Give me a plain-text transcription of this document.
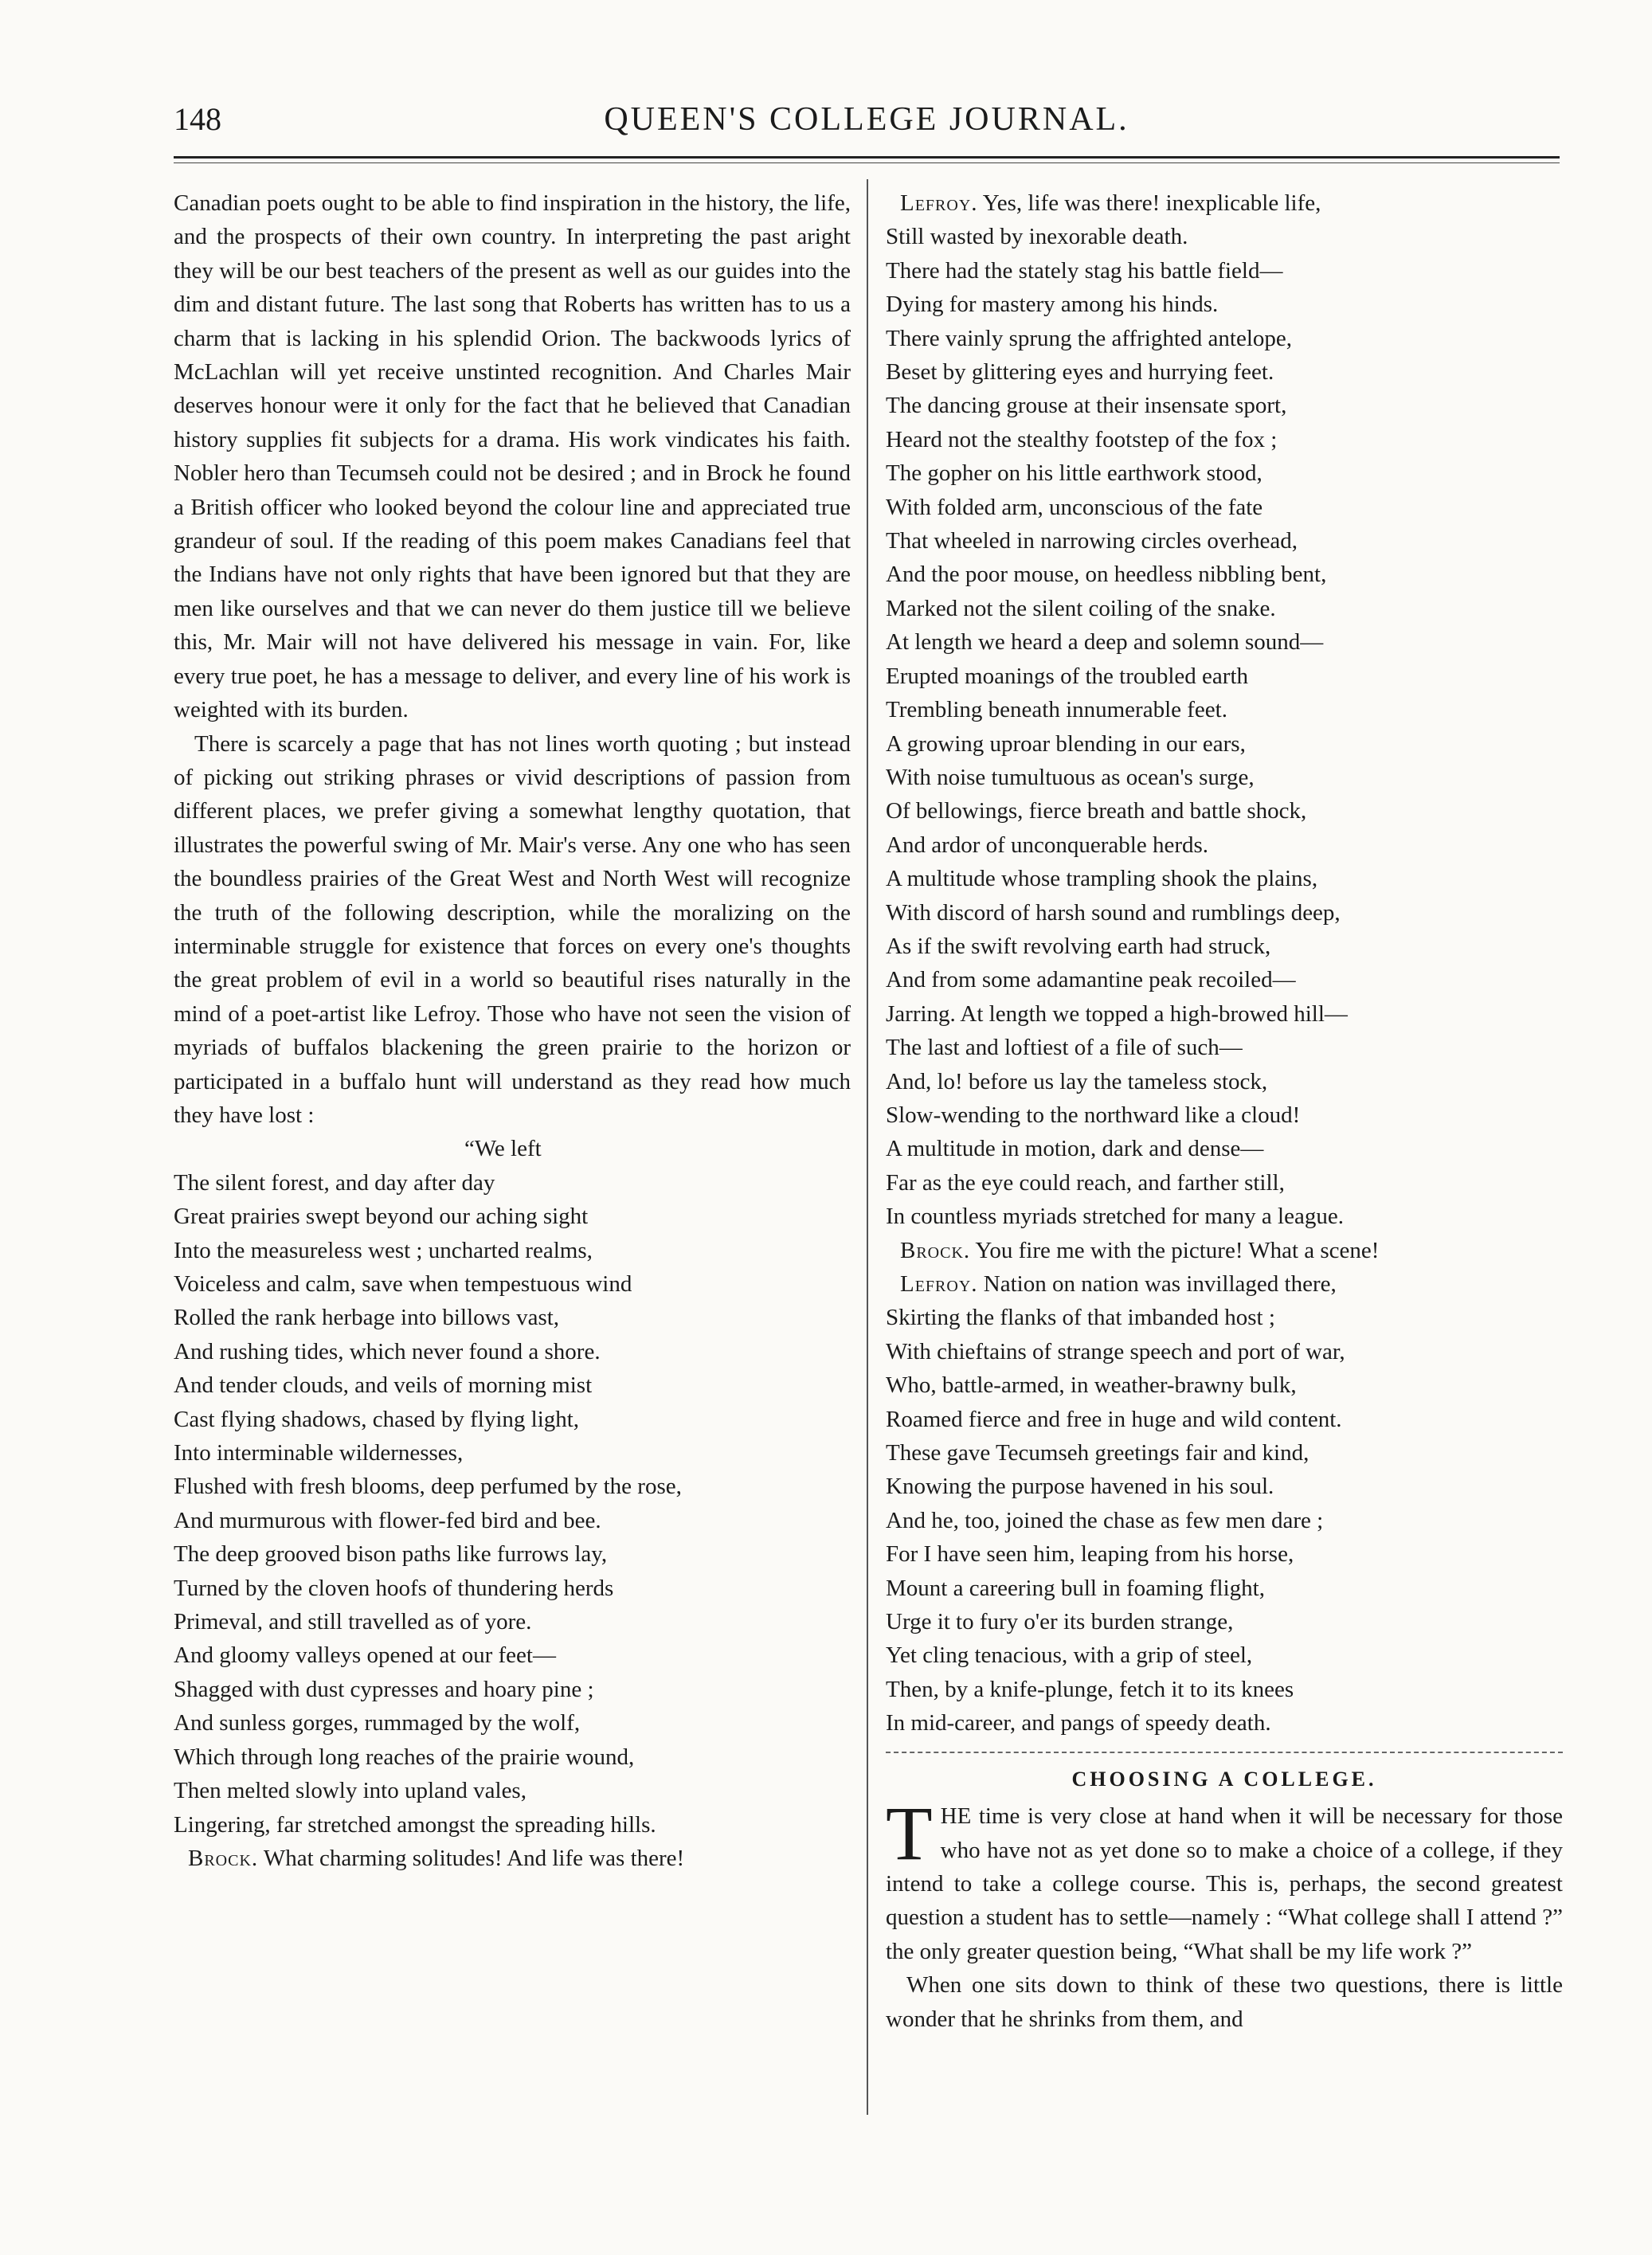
148	QUEEN'S COLLEGE JOURNAL.

Canadian poets ought to be able to find inspiration in the history, the life, and the prospects of their own country. In interpreting the past aright they will be our best teachers of the present as well as our guides into the dim and distant future. The last song that Roberts has written has to us a charm that is lacking in his splendid Orion. The backwoods lyrics of McLachlan will yet receive unstinted recognition. And Charles Mair deserves honour were it only for the fact that he believed that Canadian history supplies fit subjects for a drama. His work vindicates his faith. Nobler hero than Tecumseh could not be desired ; and in Brock he found a British officer who looked beyond the colour line and appreciated true grandeur of soul. If the reading of this poem makes Canadians feel that the Indians have not only rights that have been ignored but that they are men like ourselves and that we can never do them justice till we believe this, Mr. Mair will not have delivered his message in vain. For, like every true poet, he has a message to deliver, and every line of his work is weighted with its burden.

There is scarcely a page that has not lines worth quoting ; but instead of picking out striking phrases or vivid descriptions of passion from different places, we prefer giving a somewhat lengthy quotation, that illustrates the powerful swing of Mr. Mair's verse. Any one who has seen the boundless prairies of the Great West and North West will recognize the truth of the following description, while the moralizing on the interminable struggle for existence that forces on every one's thoughts the great problem of evil in a world so beautiful rises naturally in the mind of a poet-artist like Lefroy. Those who have not seen the vision of myriads of buffalos blackening the green prairie to the horizon or participated in a buffalo hunt will understand as they read how much they have lost :

“We left

The silent forest, and day after day
Great prairies swept beyond our aching sight
Into the measureless west ; uncharted realms,
Voiceless and calm, save when tempestuous wind
Rolled the rank herbage into billows vast,
And rushing tides, which never found a shore.
And tender clouds, and veils of morning mist
Cast flying shadows, chased by flying light,
Into interminable wildernesses,
Flushed with fresh blooms, deep perfumed by the rose,
And murmurous with flower-fed bird and bee.
The deep grooved bison paths like furrows lay,
Turned by the cloven hoofs of thundering herds
Primeval, and still travelled as of yore.
And gloomy valleys opened at our feet—
Shagged with dust cypresses and hoary pine ;
And sunless gorges, rummaged by the wolf,
Which through long reaches of the prairie wound,
Then melted slowly into upland vales,
Lingering, far stretched amongst the spreading hills.
Brock. What charming solitudes! And life was there!
Lefroy. Yes, life was there! inexplicable life,
Still wasted by inexorable death.
There had the stately stag his battle field—
Dying for mastery among his hinds.
There vainly sprung the affrighted antelope,
Beset by glittering eyes and hurrying feet.
The dancing grouse at their insensate sport,
Heard not the stealthy footstep of the fox ;
The gopher on his little earthwork stood,
With folded arm, unconscious of the fate
That wheeled in narrowing circles overhead,
And the poor mouse, on heedless nibbling bent,
Marked not the silent coiling of the snake.
At length we heard a deep and solemn sound—
Erupted moanings of the troubled earth
Trembling beneath innumerable feet.
A growing uproar blending in our ears,
With noise tumultuous as ocean's surge,
Of bellowings, fierce breath and battle shock,
And ardor of unconquerable herds.
A multitude whose trampling shook the plains,
With discord of harsh sound and rumblings deep,
As if the swift revolving earth had struck,
And from some adamantine peak recoiled—
Jarring. At length we topped a high-browed hill—
The last and loftiest of a file of such—
And, lo! before us lay the tameless stock,
Slow-wending to the northward like a cloud!
A multitude in motion, dark and dense—
Far as the eye could reach, and farther still,
In countless myriads stretched for many a league.
Brock. You fire me with the picture! What a scene!
Lefroy. Nation on nation was invillaged there,
Skirting the flanks of that imbanded host ;
With chieftains of strange speech and port of war,
Who, battle-armed, in weather-brawny bulk,
Roamed fierce and free in huge and wild content.
These gave Tecumseh greetings fair and kind,
Knowing the purpose havened in his soul.
And he, too, joined the chase as few men dare ;
For I have seen him, leaping from his horse,
Mount a careering bull in foaming flight,
Urge it to fury o'er its burden strange,
Yet cling tenacious, with a grip of steel,
Then, by a knife-plunge, fetch it to its knees
In mid-career, and pangs of speedy death.
CHOOSING A COLLEGE.

THE time is very close at hand when it will be necessary for those who have not as yet done so to make a choice of a college, if they intend to take a college course. This is, perhaps, the second greatest question a student has to settle—namely : “What college shall I attend ?” the only greater question being, “What shall be my life work ?”

When one sits down to think of these two questions, there is little wonder that he shrinks from them, and
